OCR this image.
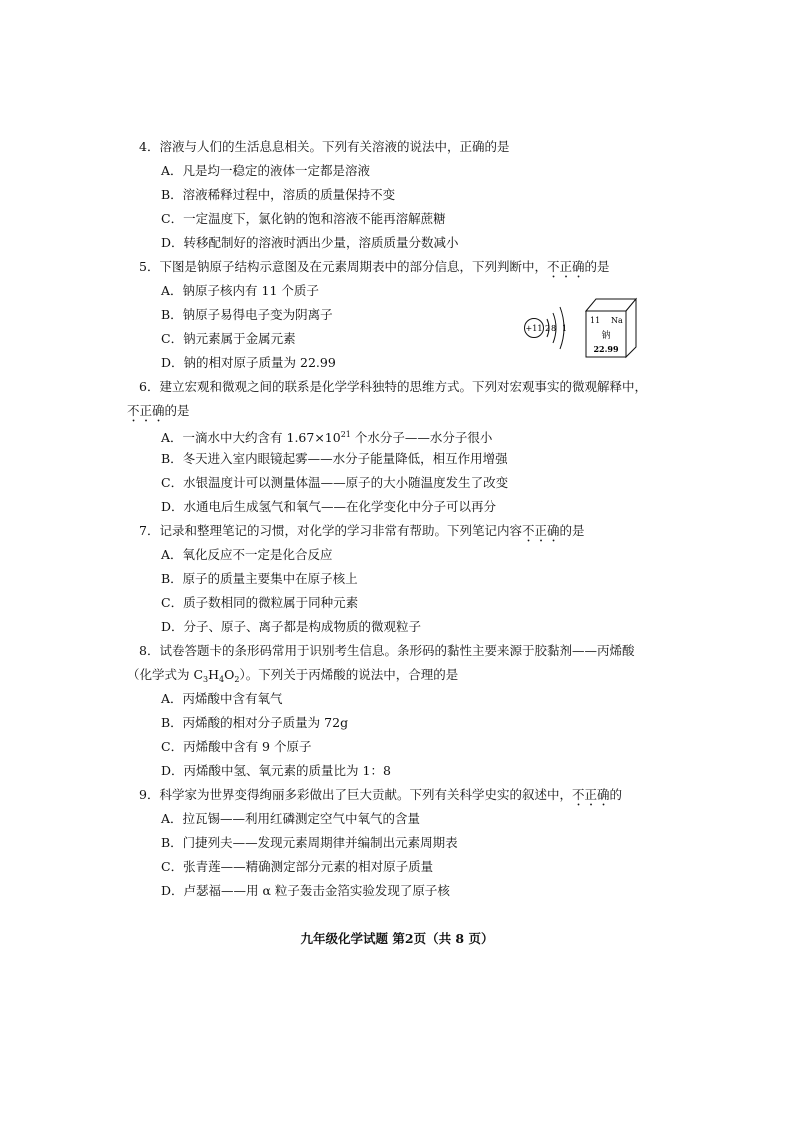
4．溶液与人们的生活息息相关。下列有关溶液的说法中，正确的是
A．凡是均一稳定的液体一定都是溶液
B．溶液稀释过程中，溶质的质量保持不变
C．一定温度下，氯化钠的饱和溶液不能再溶解蔗糖
D．转移配制好的溶液时洒出少量，溶质质量分数减小
5．下图是钠原子结构示意图及在元素周期表中的部分信息，下列判断中，不正确的是
A．钠原子核内有 11 个质子
B．钠原子易得电子变为阴离子
C．钠元素属于金属元素
D．钠的相对原子质量为 22.99
+11 2 8 1
11 Na
钠
22.99
6．建立宏观和微观之间的联系是化学学科独特的思维方式。下列对宏观事实的微观解释中，
不正确的是
A．一滴水中大约含有 $1.67\times 10^{21}$ 个水分子——水分子很小
B．冬天进入室内眼镜起雾——水分子能量降低，相互作用增强
C．水银温度计可以测量体温——原子的大小随温度发生了改变
D．水通电后生成氢气和氧气——在化学变化中分子可以再分
7．记录和整理笔记的习惯，对化学的学习非常有帮助。下列笔记内容不正确的是
A．氧化反应不一定是化合反应
B．原子的质量主要集中在原子核上
C．质子数相同的微粒属于同种元素
D．分子、原子、离子都是构成物质的微观粒子
8．试卷答题卡的条形码常用于识别考生信息。条形码的黏性主要来源于胶黏剂——丙烯酸
（化学式为 $C_3H_4O_2$）。下列关于丙烯酸的说法中，合理的是
A．丙烯酸中含有氧气
B．丙烯酸的相对分子质量为 72g
C．丙烯酸中含有 9 个原子
D．丙烯酸中氢、氧元素的质量比为 1：8
9．科学家为世界变得绚丽多彩做出了巨大贡献。下列有关科学史实的叙述中，不正确的
A．拉瓦锡——利用红磷测定空气中氧气的含量
B．门捷列夫——发现元素周期律并编制出元素周期表
C．张青莲——精确测定部分元素的相对原子质量
D．卢瑟福——用 α 粒子轰击金箔实验发现了原子核
九年级化学试题 第2页（共 8 页）
